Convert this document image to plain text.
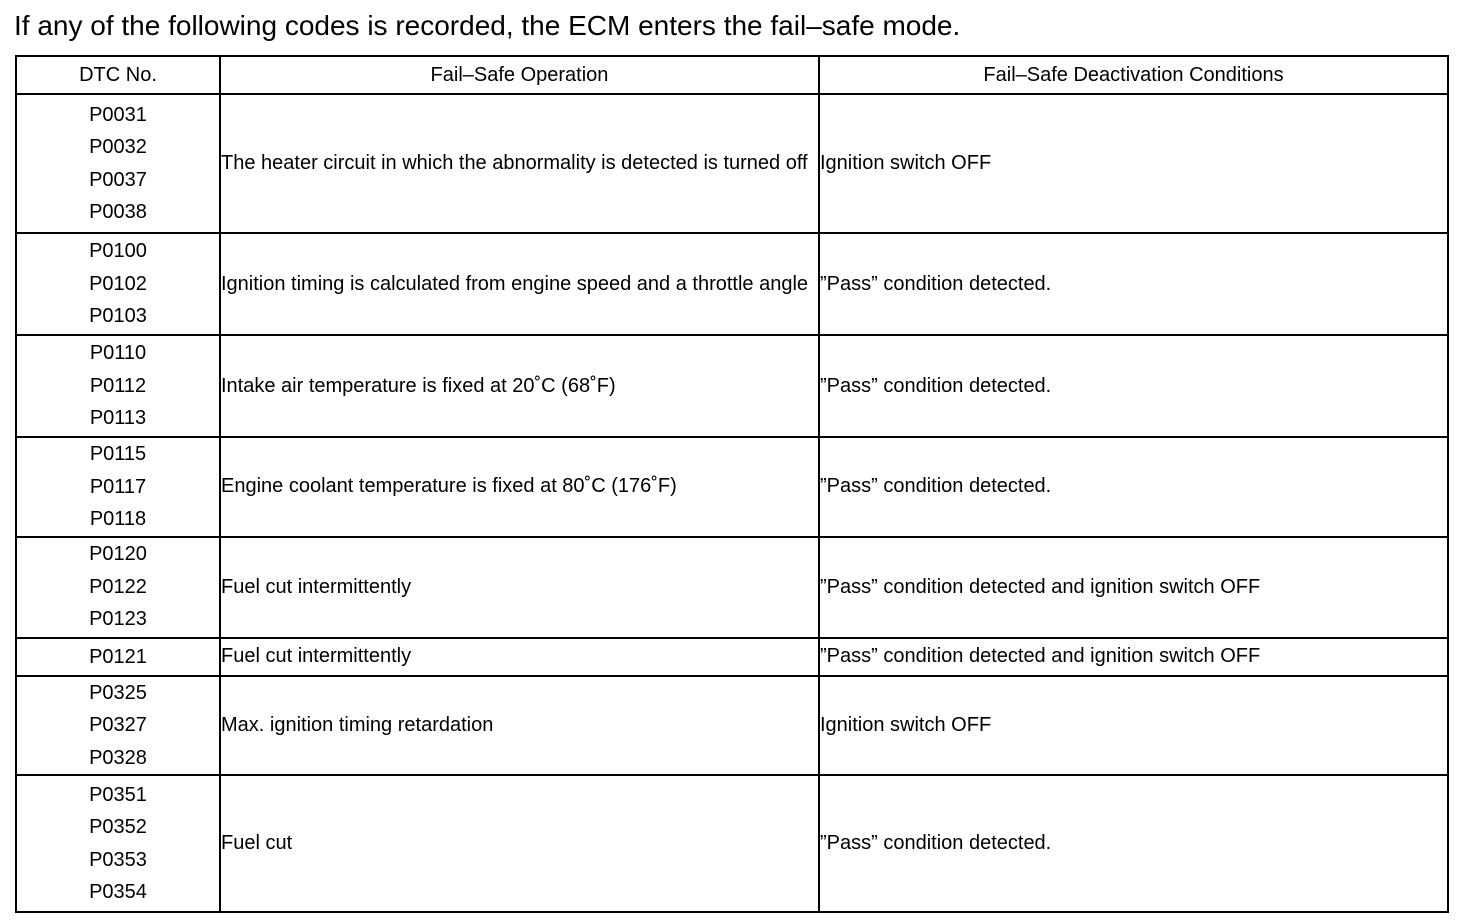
If any of the following codes is recorded, the ECM enters the fail–safe mode.
DTC No.	Fail–Safe Operation	Fail–Safe Deactivation Conditions

P0031
P0032
P0037
P0038	The heater circuit in which the abnormality is detected is turned off	Ignition switch OFF

P0100
P0102
P0103	Ignition timing is calculated from engine speed and a throttle angle	”Pass” condition detected.

P0110
P0112
P0113	Intake air temperature is fixed at 20˚C (68˚F)	”Pass” condition detected.

P0115
P0117
P0118	Engine coolant temperature is fixed at 80˚C (176˚F)	”Pass” condition detected.

P0120
P0122
P0123	Fuel cut intermittently	”Pass” condition detected and ignition switch OFF

P0121	Fuel cut intermittently	”Pass” condition detected and ignition switch OFF

P0325
P0327
P0328	Max. ignition timing retardation	Ignition switch OFF

P0351
P0352
P0353
P0354	Fuel cut	”Pass” condition detected.
